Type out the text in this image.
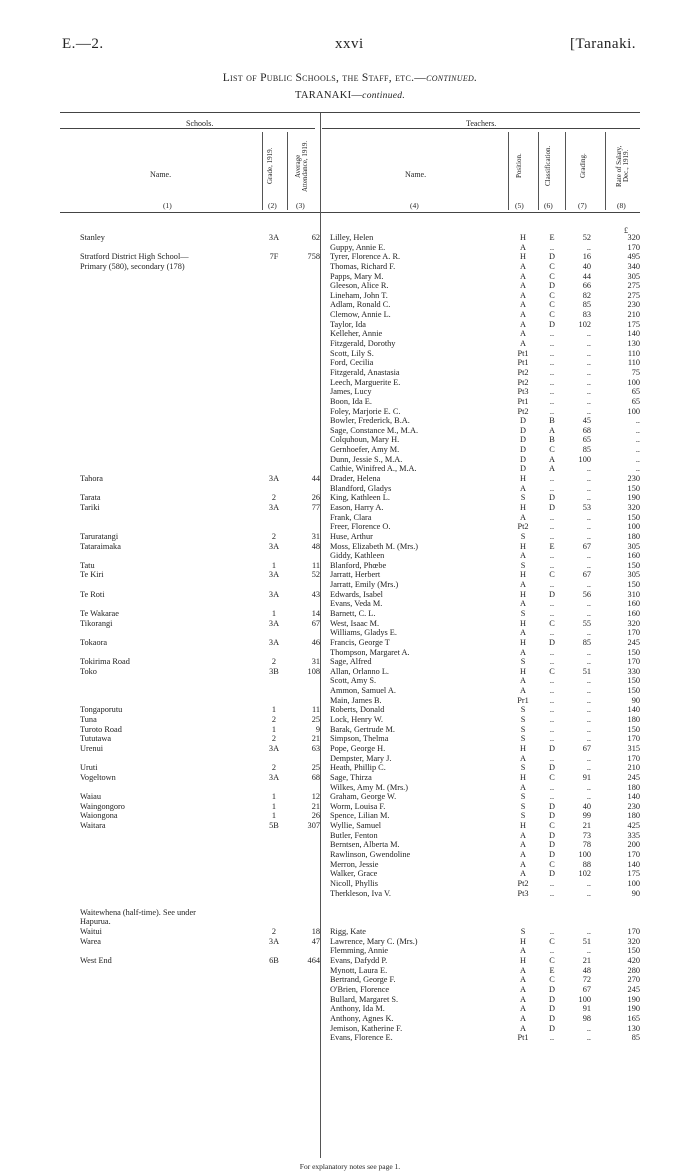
E.—2.	xxvi	[Taranaki.
List of Public Schools, the Staff, etc.—continued.
TARANAKI—continued.
Schools.	Teachers.
Name.	Grade, 1919.	Average Attendance, 1919.	Name.	Position.	Classification.	Grading.	Rate of Salary, Dec., 1919.
(1)	(2)	(3)	(4)	(5)	(6)	(7)	(8)
£
Stanley	3A	62 Lilley, Helen	H	E	52	320
Guppy, Annie E.	A	..	..	170
Stratford District High School—	7F	758 Tyrer, Florence A. R.	H	D	16	495
Primary (580), secondary (178)	Thomas, Richard F.	A	C	40	340
Papps, Mary M.	A	C	44	305
Gleeson, Alice R.	A	D	66	275
Lineham, John T.	A	C	82	275
Adlam, Ronald C.	A	C	85	230
Clemow, Annie L.	A	C	83	210
Taylor, Ida	A	D	102	175
Kelleher, Annie	A	..	..	140
Fitzgerald, Dorothy	A	..	..	130
Scott, Lily S.	Pt1	..	..	110
Ford, Cecilia	Pt1	..	..	110
Fitzgerald, Anastasia	Pt2	..	..	75
Leech, Marguerite E.	Pt2	..	..	100
James, Lucy	Pt3	..	..	65
Boon, Ida E.	Pt1	..	..	65
Foley, Marjorie E. C.	Pt2	..	..	100
Bowler, Frederick, B.A.	D	B	45	..
Sage, Constance M., M.A.	D	A	68	..
Colquhoun, Mary H.	D	B	65	..
Gernhoefer, Amy M.	D	C	85	..
Dunn, Jessie S., M.A.	D	A	100	..
Cathie, Winifred A., M.A.	D	A	..	..
Tahora	3A	44 Drader, Helena	H	..	..	230
Blandford, Gladys	A	..	..	150
Tarata	2	26 King, Kathleen L.	S	D	..	190
Tariki	3A	77 Eason, Harry A.	H	D	53	320
Frank, Clara	A	..	..	150
Freer, Florence O.	Pt2	..	..	100
Taruratangi	2	31 Huse, Arthur	S	..	..	180
Tataraimaka	3A	48 Moss, Elizabeth M. (Mrs.)	H	E	67	305
Giddy, Kathleen	A	..	..	160
Tatu	1	11 Blanford, Phœbe	S	..	..	150
Te Kiri	3A	52 Jarratt, Herbert	H	C	67	305
Jarratt, Emily (Mrs.)	A	..	..	150
Te Roti	3A	43 Edwards, Isabel	H	D	56	310
Evans, Veda M.	A	..	..	160
Te Wakarae	1	14 Barnett, C. L.	S	..	..	160
Tikorangi	3A	67 West, Isaac M.	H	C	55	320
Williams, Gladys E.	A	..	..	170
Tokaora	3A	46 Francis, George T	H	D	85	245
Thompson, Margaret A.	A	..	..	150
Tokirima Road	2	31 Sage, Alfred	S	..	..	170
Toko	3B	108 Allan, Orlanno L.	H	C	51	330
Scott, Amy S.	A	..	..	150
Ammon, Samuel A.	A	..	..	150
Main, James B.	Pr1	..	..	90
Tongaporutu	1	11 Roberts, Donald	S	..	..	140
Tuna	2	25 Lock, Henry W.	S	..	..	180
Turoto Road	1	9 Barak, Gertrude M.	S	..	..	150
Tututawa	2	21 Simpson, Thelma	S	..	..	170
Urenui	3A	63 Pope, George H.	H	D	67	315
Dempster, Mary J.	A	..	..	170
Uruti	2	25 Heath, Phillip C.	S	D	..	210
Vogeltown	3A	68 Sage, Thirza	H	C	91	245
Wilkes, Amy M. (Mrs.)	A	..	..	180
Waiau	1	12 Graham, George W.	S	..	..	140
Waingongoro	1	21 Worm, Louisa F.	S	D	40	230
Waiongona	1	26 Spence, Lilian M.	S	D	99	180
Waitara	5B	307 Wyllie, Samuel	H	C	21	425
Butler, Fenton	A	D	73	335
Berntsen, Alberta M.	A	D	78	200
Rawlinson, Gwendoline	A	D	100	170
Merron, Jessie	A	C	88	140
Walker, Grace	A	D	102	175
Nicoll, Phyllis	Pt2	..	..	100
Therkleson, Iva V.	Pt3	..	..	90
Waitewhena (half-time). See under
Hapurua.
Waitui	2	18 Rigg, Kate	S	..	..	170
Warea	3A	47 Lawrence, Mary C. (Mrs.)	H	C	51	320
Flemming, Annie	A	..	..	150
West End	6B	464 Evans, Dafydd P.	H	C	21	420
Mynott, Laura E.	A	E	48	280
Bertrand, George F.	A	C	72	270
O'Brien, Florence	A	D	67	245
Bullard, Margaret S.	A	D	100	190
Anthony, Ida M.	A	D	91	190
Anthony, Agnes K.	A	D	98	165
Jemison, Katherine F.	A	D	..	130
Evans, Florence E.	Pt1	..	..	85
For explanatory notes see page 1.
